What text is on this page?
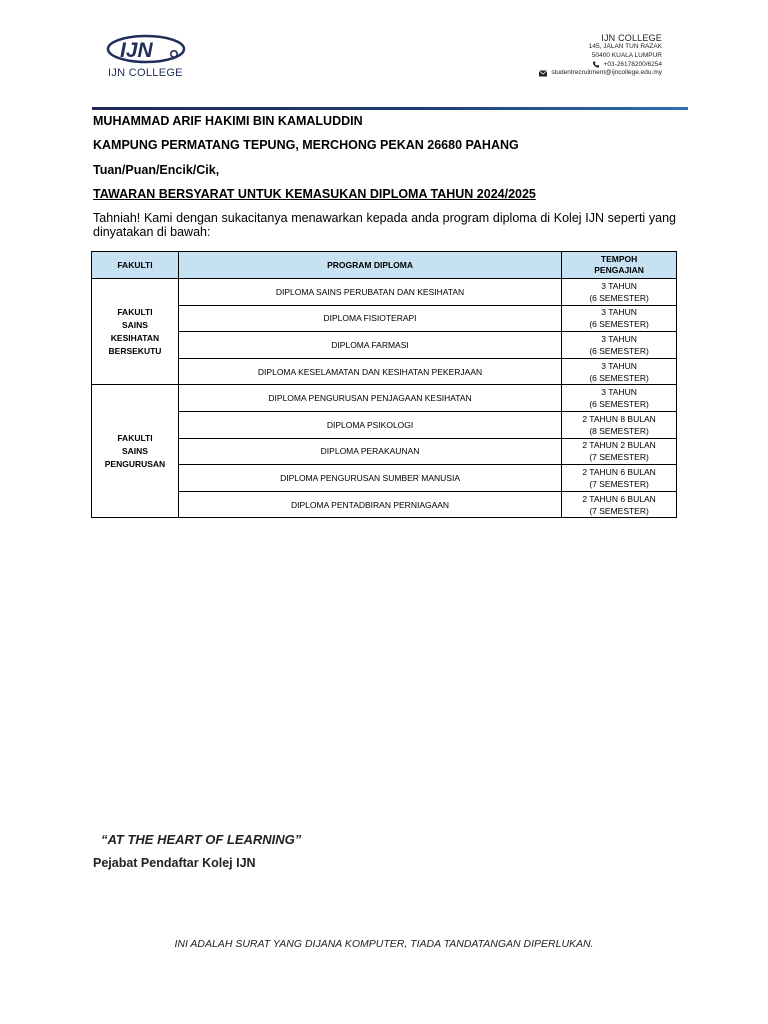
IJN
IJN COLLEGE
IJN COLLEGE
145, JALAN TUN RAZAK
50400 KUALA LUMPUR
+03-26178200/6254
studentrecruitment@ijncollege.edu.my
MUHAMMAD ARIF HAKIMI BIN KAMALUDDIN
KAMPUNG PERMATANG TEPUNG, MERCHONG PEKAN 26680 PAHANG
Tuan/Puan/Encik/Cik,
TAWARAN BERSYARAT UNTUK KEMASUKAN DIPLOMA TAHUN 2024/2025
Tahniah! Kami dengan sukacitanya menawarkan kepada anda program diploma di Kolej IJN seperti yang dinyatakan di bawah:
FAKULTI	PROGRAM DIPLOMA	TEMPOH
PENGAJIAN

FAKULTI
SAINS
KESIHATAN
BERSEKUTU	DIPLOMA SAINS PERUBATAN DAN KESIHATAN	3 TAHUN
(6 SEMESTER)

	DIPLOMA FISIOTERAPI	3 TAHUN
(6 SEMESTER)

	DIPLOMA FARMASI	3 TAHUN
(6 SEMESTER)

	DIPLOMA KESELAMATAN DAN KESIHATAN PEKERJAAN	3 TAHUN
(6 SEMESTER)

FAKULTI
SAINS
PENGURUSAN	DIPLOMA PENGURUSAN PENJAGAAN KESIHATAN	3 TAHUN
(6 SEMESTER)

	DIPLOMA PSIKOLOGI	2 TAHUN 8 BULAN
(8 SEMESTER)

	DIPLOMA PERAKAUNAN	2 TAHUN 2 BULAN
(7 SEMESTER)

	DIPLOMA PENGURUSAN SUMBER MANUSIA	2 TAHUN 6 BULAN
(7 SEMESTER)

	DIPLOMA PENTADBIRAN PERNIAGAAN	2 TAHUN 6 BULAN
(7 SEMESTER)
“AT THE HEART OF LEARNING”
Pejabat Pendaftar Kolej IJN
INI ADALAH SURAT YANG DIJANA KOMPUTER, TIADA TANDATANGAN DIPERLUKAN.
